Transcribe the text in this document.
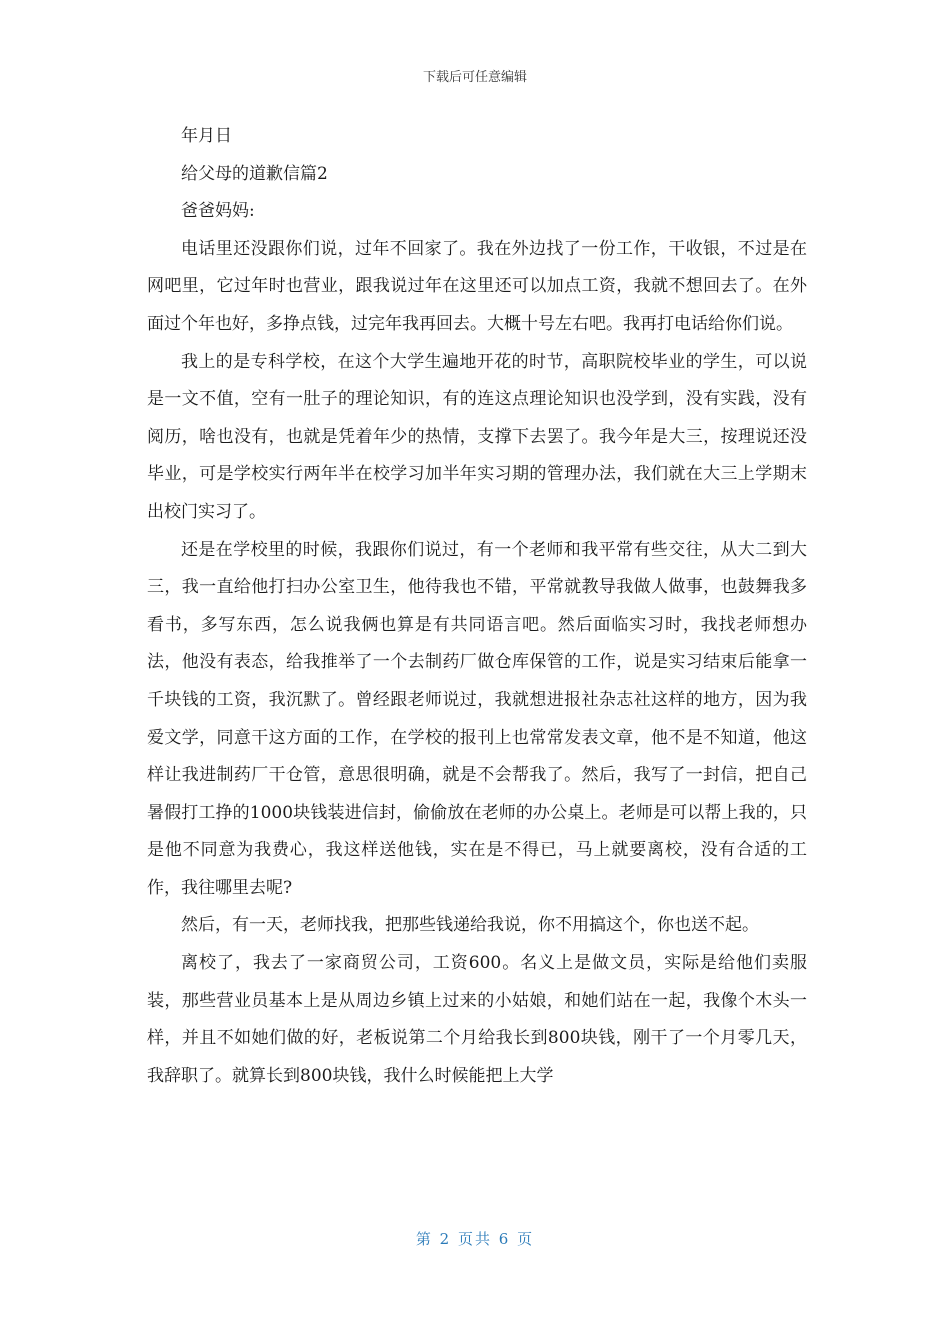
下载后可任意编辑

年月日

给父母的道歉信篇2

爸爸妈妈:

电话里还没跟你们说，过年不回家了。我在外边找了一份工作，干收银，不过是在网吧里，它过年时也营业，跟我说过年在这里还可以加点工资，我就不想回去了。在外面过个年也好，多挣点钱，过完年我再回去。大概十号左右吧。我再打电话给你们说。

我上的是专科学校，在这个大学生遍地开花的时节，高职院校毕业的学生，可以说是一文不值，空有一肚子的理论知识，有的连这点理论知识也没学到，没有实践，没有阅历，啥也没有，也就是凭着年少的热情，支撑下去罢了。我今年是大三，按理说还没毕业，可是学校实行两年半在校学习加半年实习期的管理办法，我们就在大三上学期末出校门实习了。

还是在学校里的时候，我跟你们说过，有一个老师和我平常有些交往，从大二到大三，我一直给他打扫办公室卫生，他待我也不错，平常就教导我做人做事，也鼓舞我多看书，多写东西，怎么说我俩也算是有共同语言吧。然后面临实习时，我找老师想办法，他没有表态，给我推举了一个去制药厂做仓库保管的工作，说是实习结束后能拿一千块钱的工资，我沉默了。曾经跟老师说过，我就想进报社杂志社这样的地方，因为我爱文学，同意干这方面的工作，在学校的报刊上也常常发表文章，他不是不知道，他这样让我进制药厂干仓管，意思很明确，就是不会帮我了。然后，我写了一封信，把自己暑假打工挣的1000块钱装进信封，偷偷放在老师的办公桌上。老师是可以帮上我的，只是他不同意为我费心，我这样送他钱，实在是不得已，马上就要离校，没有合适的工作，我往哪里去呢?

然后，有一天，老师找我，把那些钱递给我说，你不用搞这个，你也送不起。

离校了，我去了一家商贸公司，工资600。名义上是做文员，实际是给他们卖服装，那些营业员基本上是从周边乡镇上过来的小姑娘，和她们站在一起，我像个木头一样，并且不如她们做的好，老板说第二个月给我长到800块钱，刚干了一个月零几天，我辞职了。就算长到800块钱，我什么时候能把上大学

第 2 页共 6 页
